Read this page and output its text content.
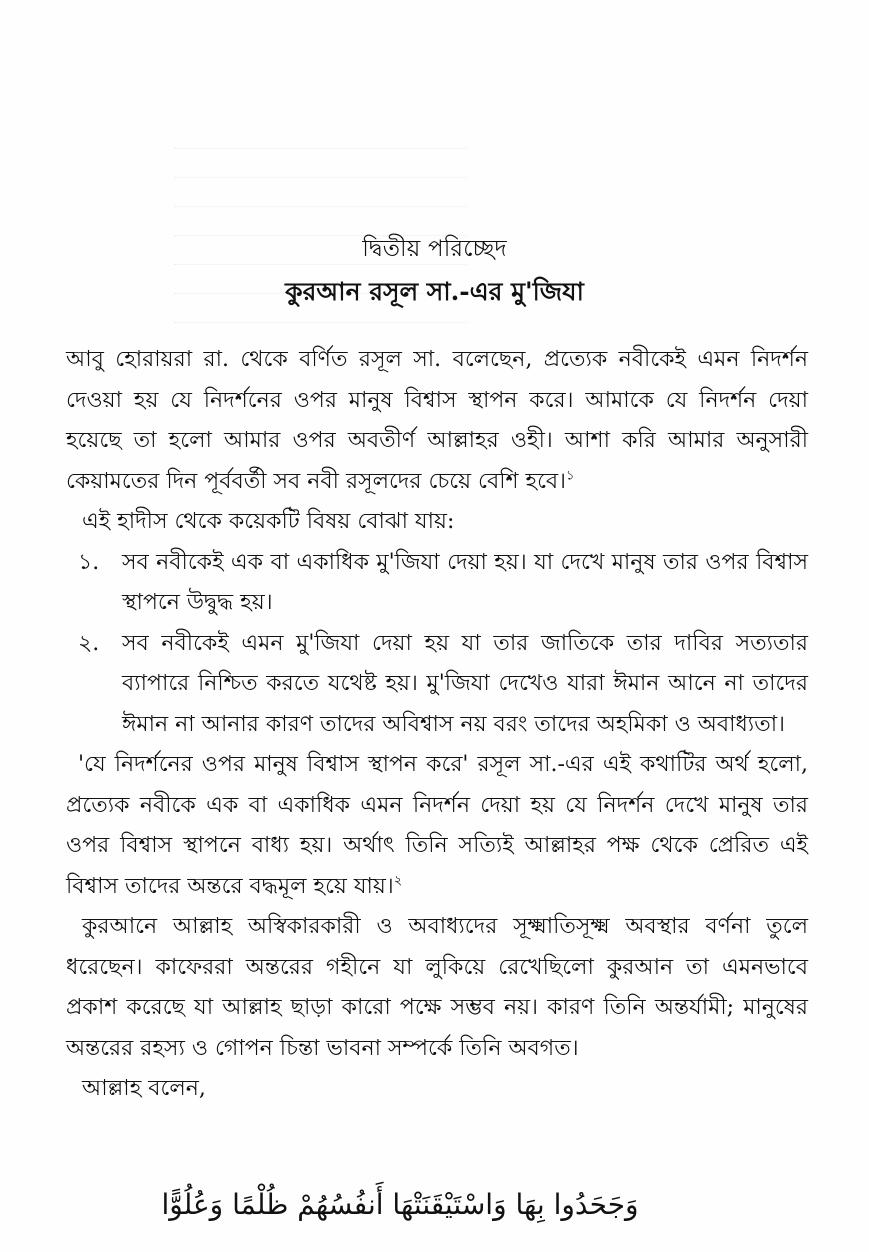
দ্বিতীয় পরিচ্ছেদ
কুরআন রসূল সা.-এর মু'জিযা

আবু হোরায়রা রা. থেকে বর্ণিত রসূল সা. বলেছেন, প্রত্যেক নবীকেই এমন নিদর্শন দেওয়া হয় যে নিদর্শনের ওপর মানুষ বিশ্বাস স্থাপন করে। আমাকে যে নিদর্শন দেয়া হয়েছে তা হলো আমার ওপর অবতীর্ণ আল্লাহর ওহী। আশা করি আমার অনুসারী কেয়ামতের দিন পূর্ববর্তী সব নবী রসূলদের চেয়ে বেশি হবে।$^১$

এই হাদীস থেকে কয়েকটি বিষয় বোঝা যায়:

১.	সব নবীকেই এক বা একাধিক মু'জিযা দেয়া হয়। যা দেখে মানুষ তার ওপর বিশ্বাস স্থাপনে উদ্বুদ্ধ হয়।
২.	সব নবীকেই এমন মু'জিযা দেয়া হয় যা তার জাতিকে তার দাবির সত্যতার ব্যাপারে নিশ্চিত করতে যথেষ্ট হয়। মু'জিযা দেখেও যারা ঈমান আনে না তাদের ঈমান না আনার কারণ তাদের অবিশ্বাস নয় বরং তাদের অহমিকা ও অবাধ্যতা।

'যে নিদর্শনের ওপর মানুষ বিশ্বাস স্থাপন করে' রসূল সা.-এর এই কথাটির অর্থ হলো, প্রত্যেক নবীকে এক বা একাধিক এমন নিদর্শন দেয়া হয় যে নিদর্শন দেখে মানুষ তার ওপর বিশ্বাস স্থাপনে বাধ্য হয়। অর্থাৎ তিনি সত্যিই আল্লাহর পক্ষ থেকে প্রেরিত এই বিশ্বাস তাদের অন্তরে বদ্ধমূল হয়ে যায়।$^২$

কুরআনে আল্লাহ অস্বিকারকারী ও অবাধ্যদের সূক্ষ্মাতিসূক্ষ্ম অবস্থার বর্ণনা তুলে ধরেছেন। কাফেররা অন্তরের গহীনে যা লুকিয়ে রেখেছিলো কুরআন তা এমনভাবে প্রকাশ করেছে যা আল্লাহ ছাড়া কারো পক্ষে সম্ভব নয়। কারণ তিনি অন্তর্যামী; মানুষের অন্তরের রহস্য ও গোপন চিন্তা ভাবনা সম্পর্কে তিনি অবগত।

আল্লাহ বলেন,

وَجَحَدُوا بِهَا وَاسْتَيْقَنَتْهَا أَنفُسُهُمْ ظُلْمًا وَعُلُوًّا
